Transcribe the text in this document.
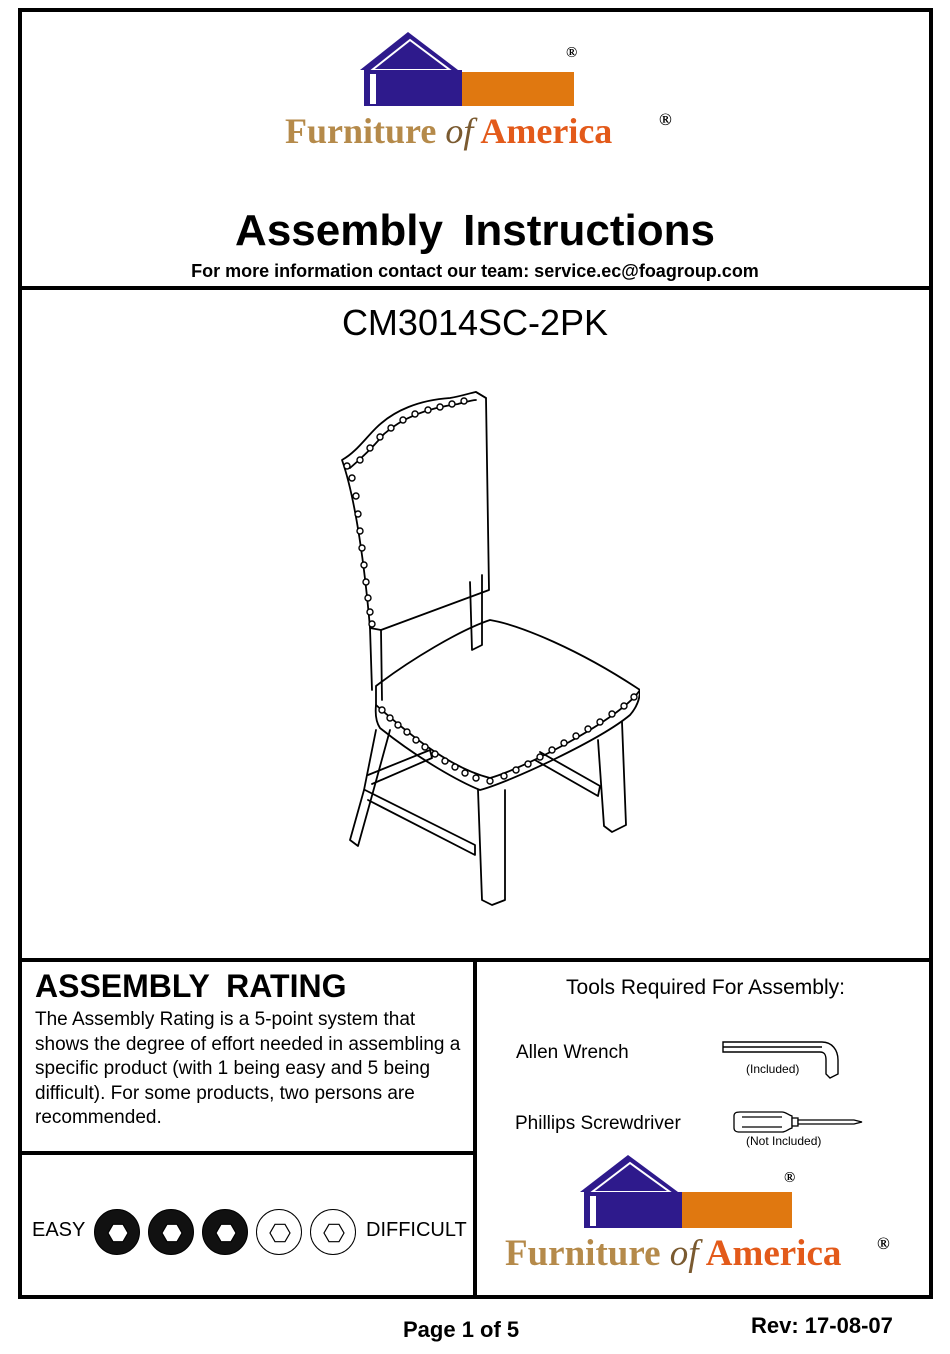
Furniture of America
®
®
Assembly Instructions
For more information contact our team: service.ec@foagroup.com
CM3014SC-2PK
ASSEMBLY RATING
The Assembly Rating is a 5-point system that shows the degree of effort needed in assembling a specific product (with 1 being easy and 5 being difficult). For some products, two persons are recommended.
EASY	DIFFICULT
Tools Required For Assembly:
Allen Wrench
(Included)
Phillips Screwdriver
(Not Included)
Furniture of America
®
®
Page 1 of 5	Rev: 17-08-07
